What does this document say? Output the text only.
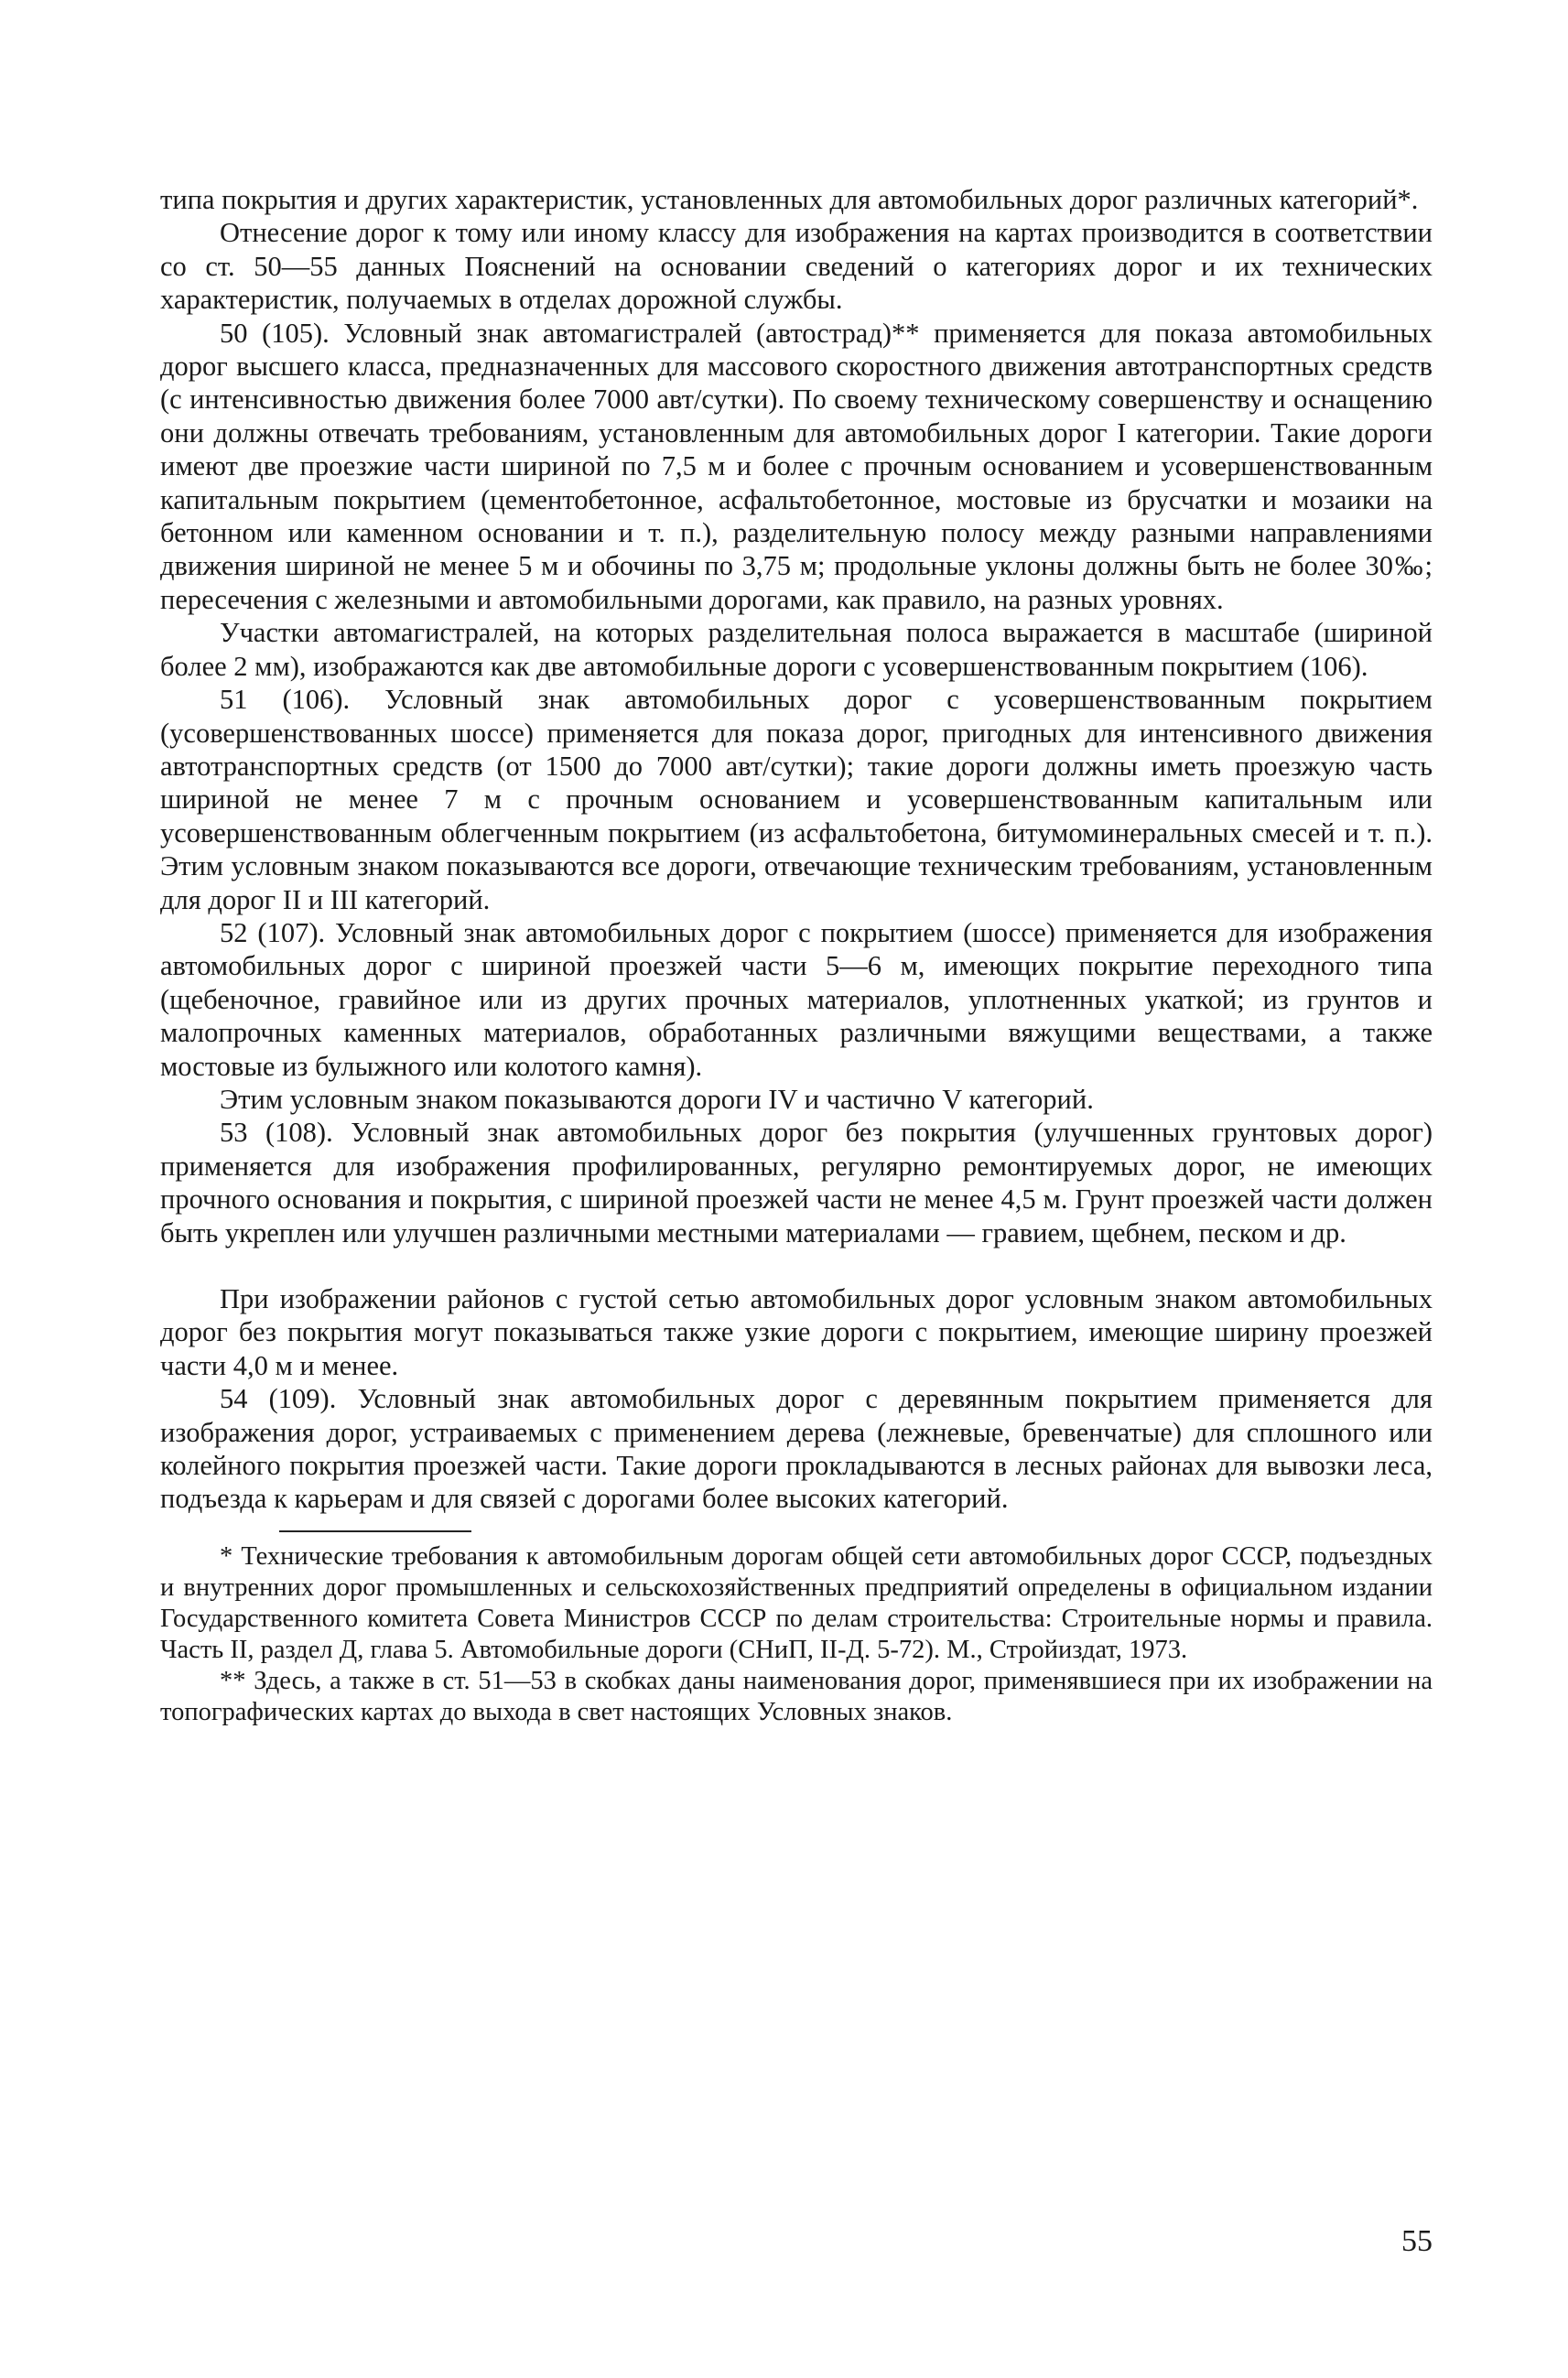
типа покрытия и других характеристик, установленных для автомобильных дорог различных категорий*.

Отнесение дорог к тому или иному классу для изображения на картах производится в соответствии со ст. 50—55 данных Пояснений на основании сведений о категориях дорог и их технических характеристик, получаемых в отделах дорожной службы.

50 (105). Условный знак автомагистралей (автострад)** применяется для показа автомобильных дорог высшего класса, предназначенных для массового скоростного движения автотранспортных средств (с интенсивностью движения более 7000 авт/сутки). По своему техническому совершенству и оснащению они должны отвечать требованиям, установленным для автомобильных дорог I категории. Такие дороги имеют две проезжие части шириной по 7,5 м и более с прочным основанием и усовершенствованным капитальным покрытием (цементобетонное, асфальтобетонное, мостовые из брусчатки и мозаики на бетонном или каменном основании и т. п.), разделительную полосу между разными направлениями движения шириной не менее 5 м и обочины по 3,75 м; продольные уклоны должны быть не более 30‰; пересечения с железными и автомобильными дорогами, как правило, на разных уровнях.

Участки автомагистралей, на которых разделительная полоса выражается в масштабе (шириной более 2 мм), изображаются как две автомобильные дороги с усовершенствованным покрытием (106).

51 (106). Условный знак автомобильных дорог с усовершенствованным покрытием (усовершенствованных шоссе) применяется для показа дорог, пригодных для интенсивного движения автотранспортных средств (от 1500 до 7000 авт/сутки); такие дороги должны иметь проезжую часть шириной не менее 7 м с прочным основанием и усовершенствованным капитальным или усовершенствованным облегченным покрытием (из асфальтобетона, битумоминеральных смесей и т. п.). Этим условным знаком показываются все дороги, отвечающие техническим требованиям, установленным для дорог II и III категорий.

52 (107). Условный знак автомобильных дорог с покрытием (шоссе) применяется для изображения автомобильных дорог с шириной проезжей части 5—6 м, имеющих покрытие переходного типа (щебеночное, гравийное или из других прочных материалов, уплотненных укаткой; из грунтов и малопрочных каменных материалов, обработанных различными вяжущими веществами, а также мостовые из булыжного или колотого камня).

Этим условным знаком показываются дороги IV и частично V категорий.

53 (108). Условный знак автомобильных дорог без покрытия (улучшенных грунтовых дорог) применяется для изображения профилированных, регулярно ремонтируемых дорог, не имеющих прочного основания и покрытия, с шириной проезжей части не менее 4,5 м. Грунт проезжей части должен быть укреплен или улучшен различными местными материалами — гравием, щебнем, песком и др.

При изображении районов с густой сетью автомобильных дорог условным знаком автомобильных дорог без покрытия могут показываться также узкие дороги с покрытием, имеющие ширину проезжей части 4,0 м и менее.

54 (109). Условный знак автомобильных дорог с деревянным покрытием применяется для изображения дорог, устраиваемых с применением дерева (лежневые, бревенчатые) для сплошного или колейного покрытия проезжей части. Такие дороги прокладываются в лесных районах для вывозки леса, подъезда к карьерам и для связей с дорогами более высоких категорий.

* Технические требования к автомобильным дорогам общей сети автомобильных дорог СССР, подъездных и внутренних дорог промышленных и сельскохозяйственных предприятий определены в официальном издании Государственного комитета Совета Министров СССР по делам строительства: Строительные нормы и правила. Часть II, раздел Д, глава 5. Автомобильные дороги (СНиП, II-Д. 5-72). М., Стройиздат, 1973.

** Здесь, а также в ст. 51—53 в скобках даны наименования дорог, применявшиеся при их изображении на топографических картах до выхода в свет настоящих Условных знаков.

55
